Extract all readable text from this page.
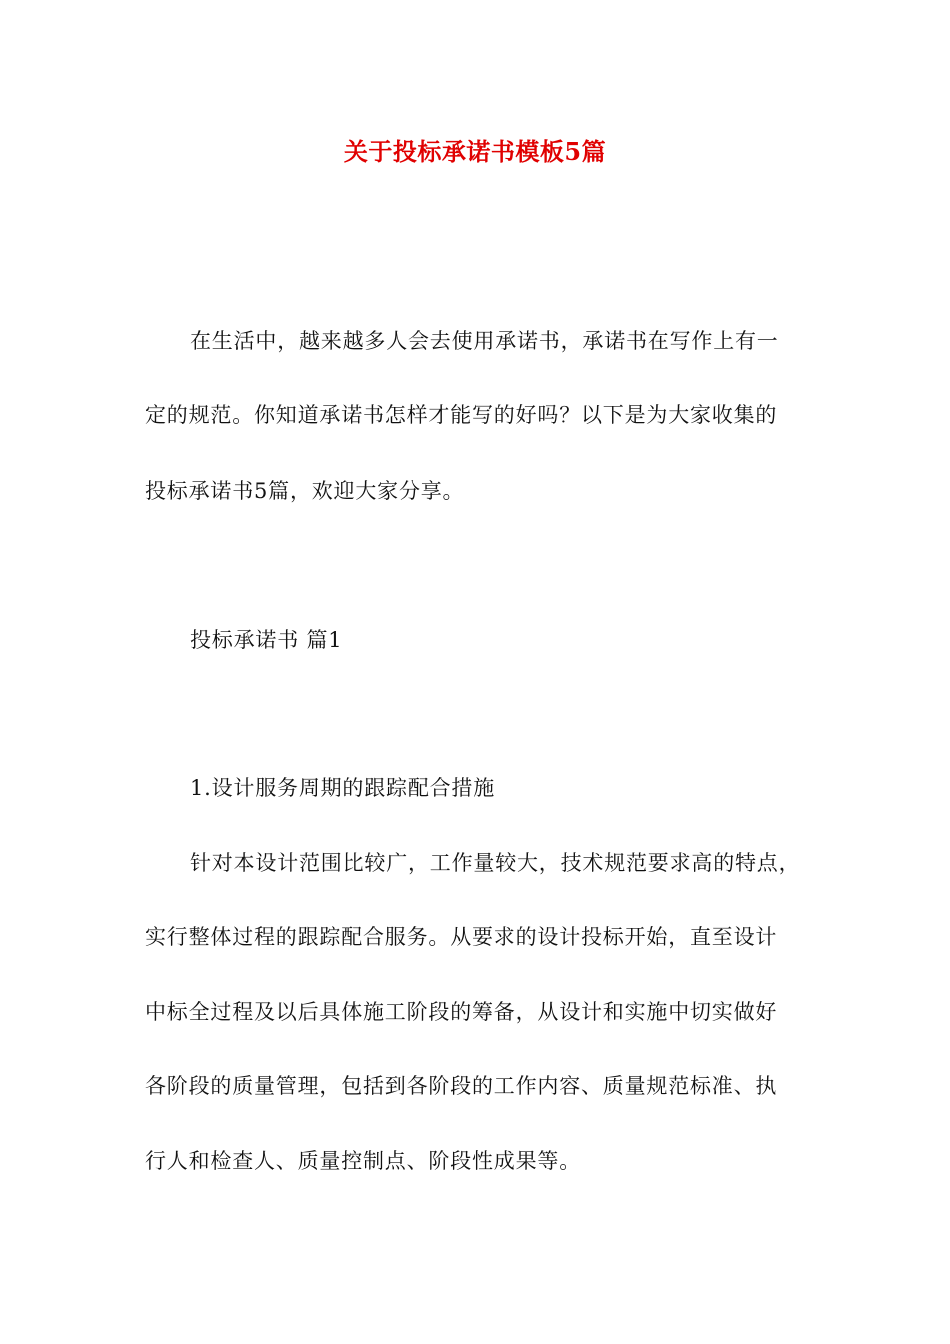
关于投标承诺书模板5篇
在生活中，越来越多人会去使用承诺书，承诺书在写作上有一
定的规范。你知道承诺书怎样才能写的好吗？以下是为大家收集的
投标承诺书5篇，欢迎大家分享。
投标承诺书 篇1
1.设计服务周期的跟踪配合措施
针对本设计范围比较广，工作量较大，技术规范要求高的特点，
实行整体过程的跟踪配合服务。从要求的设计投标开始，直至设计
中标全过程及以后具体施工阶段的筹备，从设计和实施中切实做好
各阶段的质量管理，包括到各阶段的工作内容、质量规范标准、执
行人和检查人、质量控制点、阶段性成果等。
